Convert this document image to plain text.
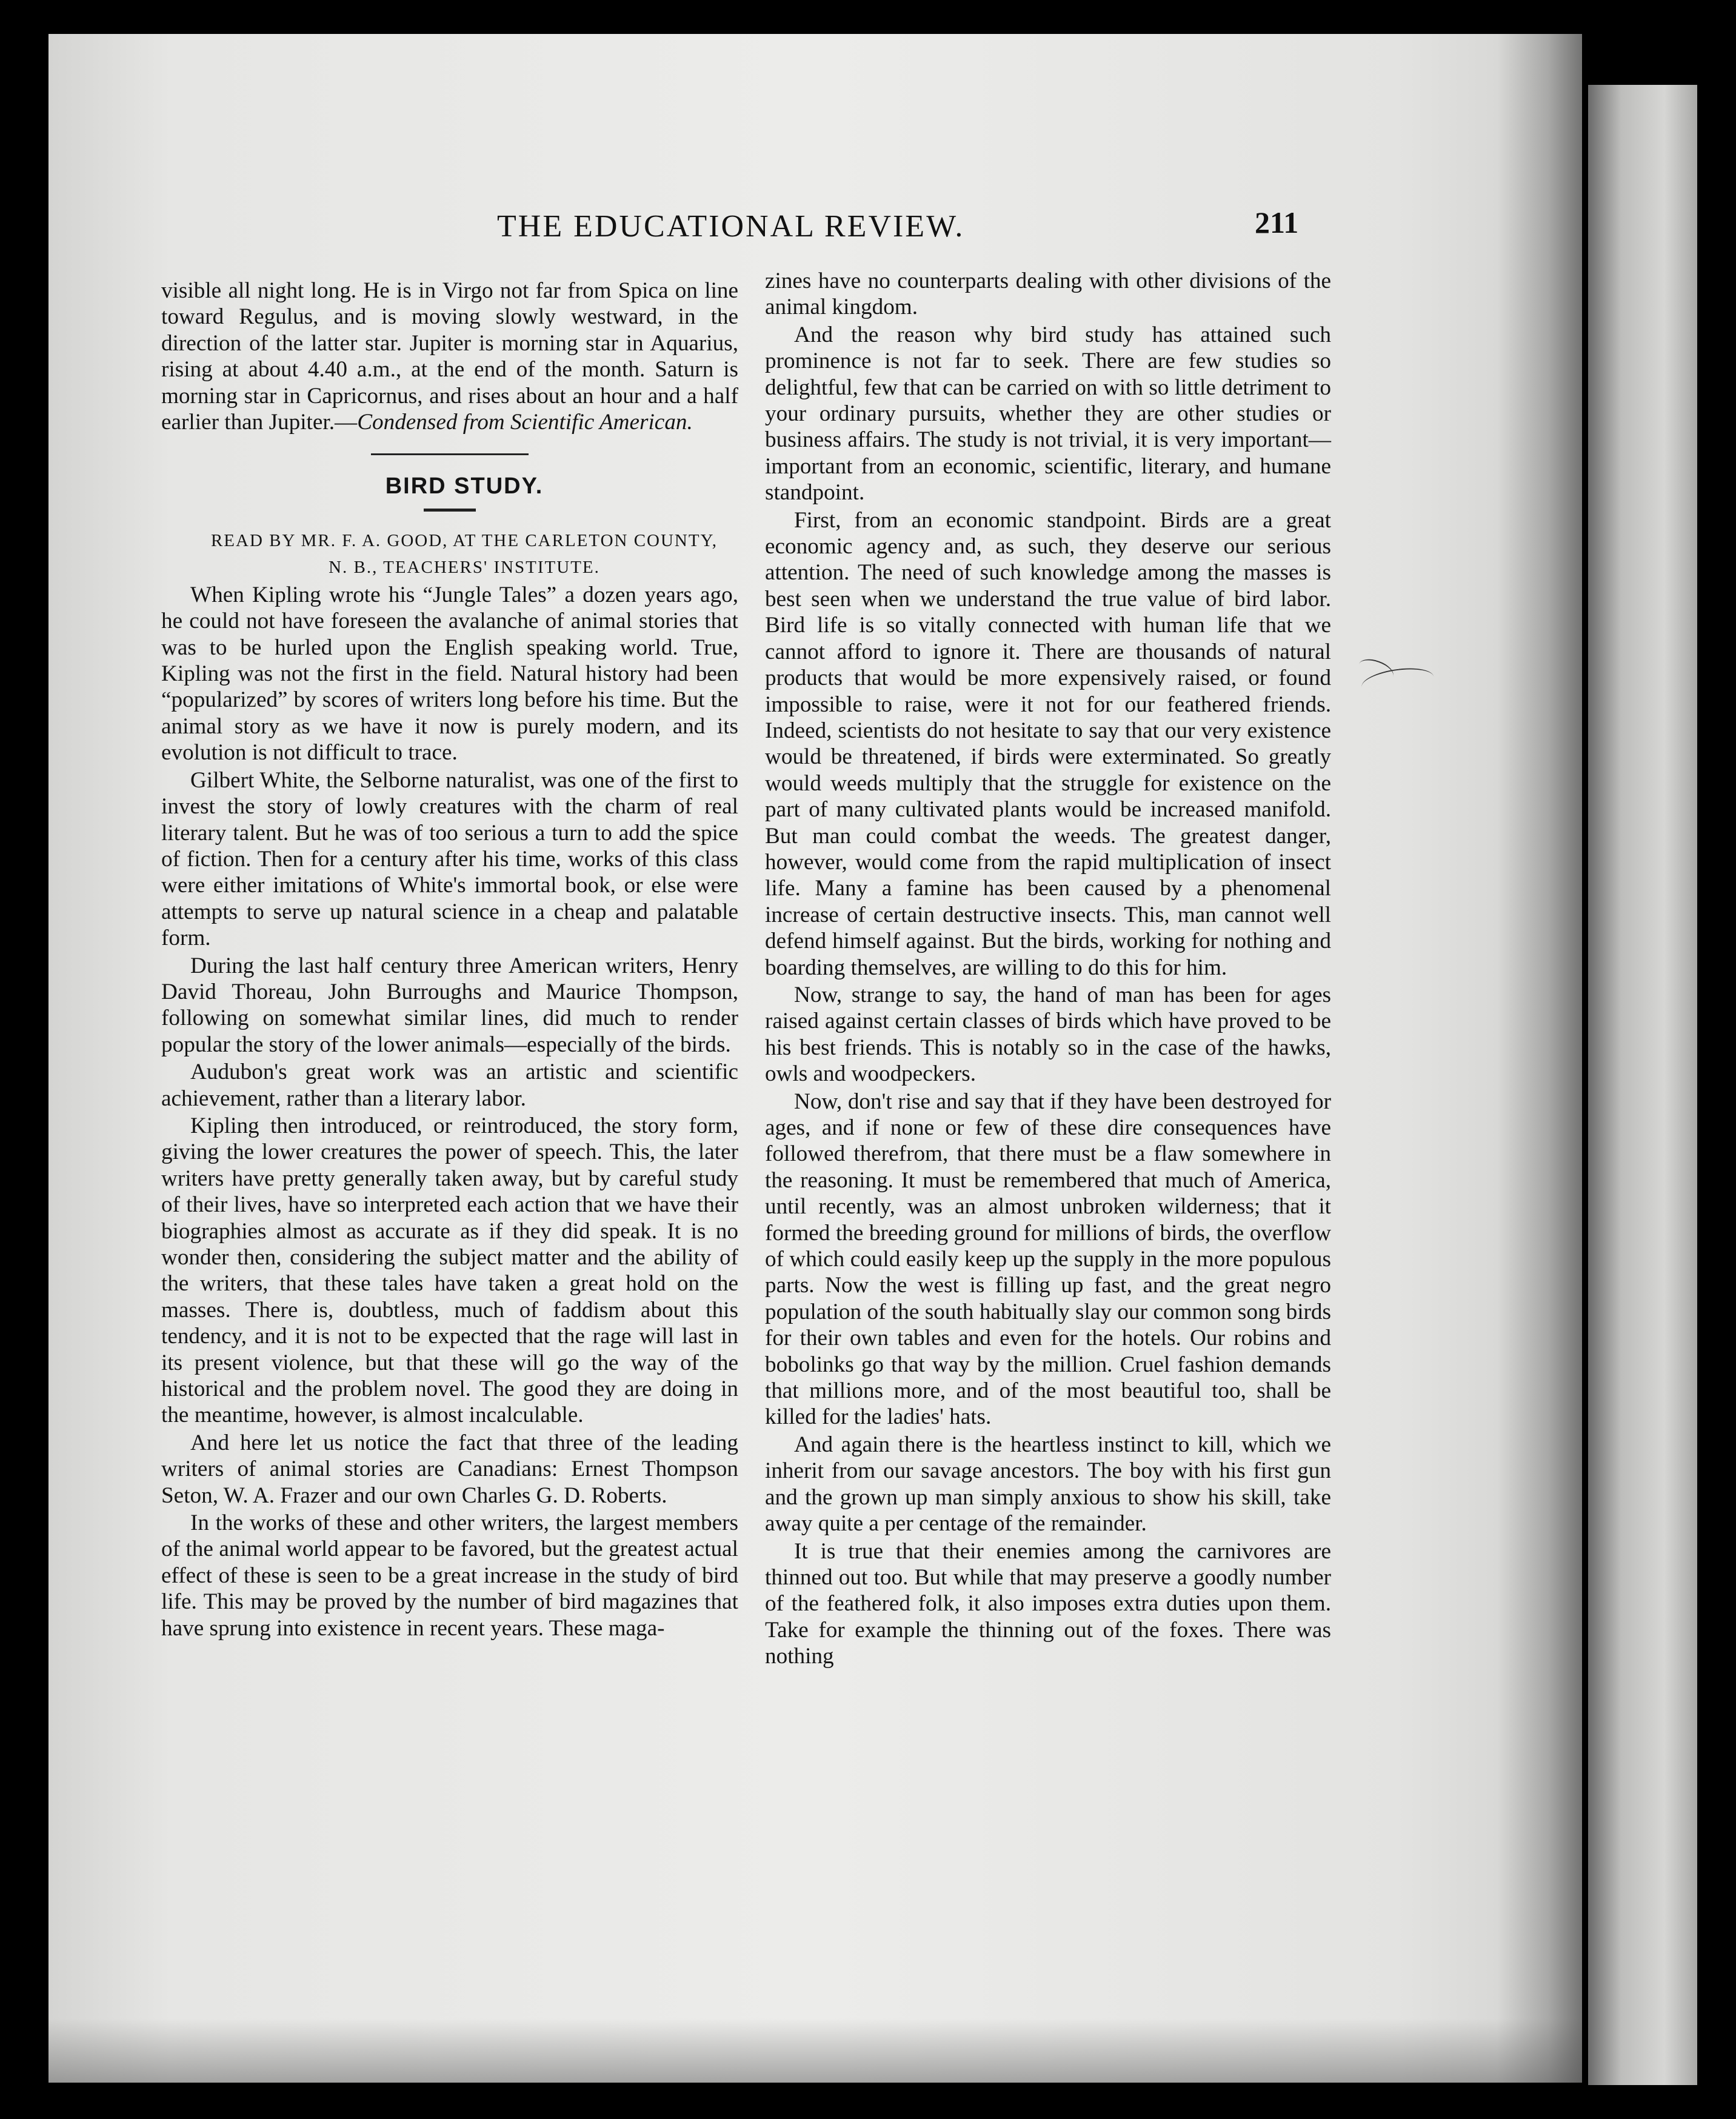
THE EDUCATIONAL REVIEW.	211

visible all night long. He is in Virgo not far from Spica on line toward Regulus, and is moving slowly westward, in the direction of the latter star. Jupiter is morning star in Aquarius, rising at about 4.40 a.m., at the end of the month. Saturn is morning star in Capricornus, and rises about an hour and a half earlier than Jupiter.—Condensed from Scientific American.

BIRD STUDY.

READ BY MR. F. A. GOOD, AT THE CARLETON COUNTY,
N. B., TEACHERS' INSTITUTE.

When Kipling wrote his “Jungle Tales” a dozen years ago, he could not have foreseen the avalanche of animal stories that was to be hurled upon the English speaking world. True, Kipling was not the first in the field. Natural history had been “popularized” by scores of writers long before his time. But the animal story as we have it now is purely modern, and its evolution is not difficult to trace.

Gilbert White, the Selborne naturalist, was one of the first to invest the story of lowly creatures with the charm of real literary talent. But he was of too serious a turn to add the spice of fiction. Then for a century after his time, works of this class were either imitations of White's immortal book, or else were attempts to serve up natural science in a cheap and palatable form.

During the last half century three American writers, Henry David Thoreau, John Burroughs and Maurice Thompson, following on somewhat similar lines, did much to render popular the story of the lower animals—especially of the birds.

Audubon's great work was an artistic and scientific achievement, rather than a literary labor.

Kipling then introduced, or reintroduced, the story form, giving the lower creatures the power of speech. This, the later writers have pretty generally taken away, but by careful study of their lives, have so interpreted each action that we have their biographies almost as accurate as if they did speak. It is no wonder then, considering the subject matter and the ability of the writers, that these tales have taken a great hold on the masses. There is, doubtless, much of faddism about this tendency, and it is not to be expected that the rage will last in its present violence, but that these will go the way of the historical and the problem novel. The good they are doing in the meantime, however, is almost incalculable.

And here let us notice the fact that three of the leading writers of animal stories are Canadians: Ernest Thompson Seton, W. A. Frazer and our own Charles G. D. Roberts.

In the works of these and other writers, the largest members of the animal world appear to be favored, but the greatest actual effect of these is seen to be a great increase in the study of bird life. This may be proved by the number of bird magazines that have sprung into existence in recent years. These maga-

zines have no counterparts dealing with other divisions of the animal kingdom.

And the reason why bird study has attained such prominence is not far to seek. There are few studies so delightful, few that can be carried on with so little detriment to your ordinary pursuits, whether they are other studies or business affairs. The study is not trivial, it is very important—important from an economic, scientific, literary, and humane standpoint.

First, from an economic standpoint. Birds are a great economic agency and, as such, they deserve our serious attention. The need of such knowledge among the masses is best seen when we understand the true value of bird labor. Bird life is so vitally connected with human life that we cannot afford to ignore it. There are thousands of natural products that would be more expensively raised, or found impossible to raise, were it not for our feathered friends. Indeed, scientists do not hesitate to say that our very existence would be threatened, if birds were exterminated. So greatly would weeds multiply that the struggle for existence on the part of many cultivated plants would be increased manifold. But man could combat the weeds. The greatest danger, however, would come from the rapid multiplication of insect life. Many a famine has been caused by a phenomenal increase of certain destructive insects. This, man cannot well defend himself against. But the birds, working for nothing and boarding themselves, are willing to do this for him.

Now, strange to say, the hand of man has been for ages raised against certain classes of birds which have proved to be his best friends. This is notably so in the case of the hawks, owls and woodpeckers.

Now, don't rise and say that if they have been destroyed for ages, and if none or few of these dire consequences have followed therefrom, that there must be a flaw somewhere in the reasoning. It must be remembered that much of America, until recently, was an almost unbroken wilderness; that it formed the breeding ground for millions of birds, the overflow of which could easily keep up the supply in the more populous parts. Now the west is filling up fast, and the great negro population of the south habitually slay our common song birds for their own tables and even for the hotels. Our robins and bobolinks go that way by the million. Cruel fashion demands that millions more, and of the most beautiful too, shall be killed for the ladies' hats.

And again there is the heartless instinct to kill, which we inherit from our savage ancestors. The boy with his first gun and the grown up man simply anxious to show his skill, take away quite a per centage of the remainder.

It is true that their enemies among the carnivores are thinned out too. But while that may preserve a goodly number of the feathered folk, it also imposes extra duties upon them. Take for example the thinning out of the foxes. There was nothing
